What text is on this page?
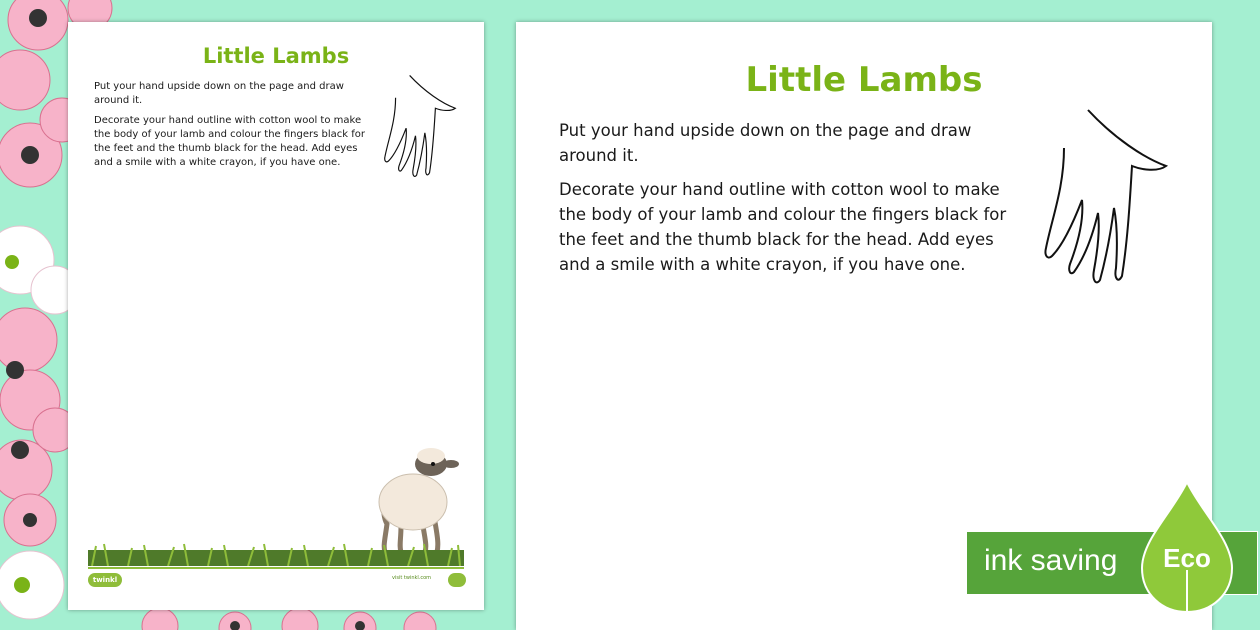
Little Lambs
Put your hand upside down on the page and draw around it.
Decorate your hand outline with cotton wool to make the body of your lamb and colour the fingers black for the feet and the thumb black for the head. Add eyes and a smile with a white crayon, if you have one.
twinkl	visit twinkl.com
Little Lambs
Put your hand upside down on the page and draw around it.
Decorate your hand outline with cotton wool to make the body of your lamb and colour the fingers black for the feet and the thumb black for the head. Add eyes and a smile with a white crayon, if you have one.
ink saving	Eco
